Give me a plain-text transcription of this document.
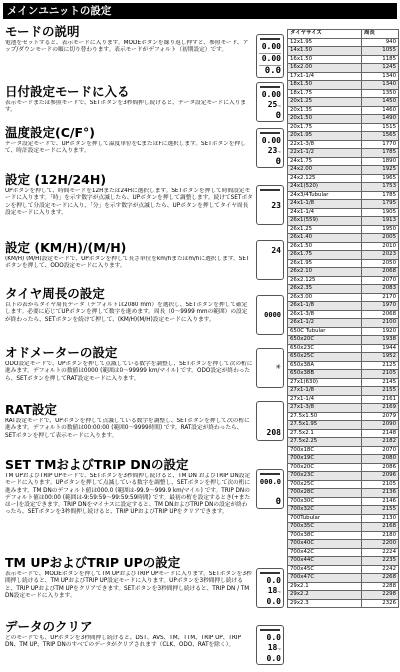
メインユニットの設定
モードの説明

電池をセットすると、表示モードに入ります。MODEボタンを繰り返し押すと、参照モード、アップ/ダウンモードの順に切り替わります。表示モードがデフォルト（初期設定）です。

日付設定モードに入る

表示モードまたは参照モードで、SETボタンを3秒間押し続けると、データ設定モードに入ります。

温度設定(C/F°)

データ設定モードで、UPボタンを押して温度単位をCまたはFに選択します。SETボタンを押して、時計設定モードに入ります。

設定 (12H/24H)

UPボタンを押して、時間モードを12Hまたは24Hに選択します。SETボタンを押して時間設定モードに入ります。「時」を示す数字が点滅したら、UPボタンを押して調整します。続けてSETボタンを押して分設定モードに入り、「分」を示す数字が点滅したら、UPボタンを押してタイヤ周長設定モードに入ります。

設定 (KM/H)/(M/H)

(KM/H) (M/H)設定モードで、UPボタンを押して長さ単位をkm/hまたはm/hに選択します。SETボタンを押して、ODO設定モードに入ります。

タイヤ周長の設定

以下の表からタイヤ周長データ（デフォルトは2080 mm）を選択し、SETボタンを押して確定します。必要に応じてUPボタンを押して数字を進めます。周長（0〜9999 mmの範囲）の設定が終わったら、SETボタンを続けて押して、(KM/H)(M/H)設定モードに入ります。

オドメーターの設定

ODO設定モードで、UPボタンを押して点滅している数字を調整し、SETボタンを押して次の桁に進みます。デフォルトの数値は0000 (範囲は0〜99999 km/マイル) です。ODO設定が終わったら、SETボタンを押してRAT設定モードに入ります。

RAT設定

RAT設定モードで、UPボタンを押して点滅している数字を調整し、SETボタンを押して次の桁に進みます。デフォルトの数値は00:00:00 (範囲0〜9999時間) です。RAT設定が終わったら、SETボタンを押して表示モードに入ります。

SET TMおよびTRIP DNの設定

TM UPおよびTRIP UPモードで、SETボタンを3秒間押し続けると、TM DN およびTRIP DN設定モードに入ります。UPボタンを押して点滅している数字を調整し、SETボタンを押して次の桁に進みます。TM DNのデフォルト値は000.0 (範囲は-99.9〜999.9 km/マイル) です。TRIP DNのデフォルト値は00:00 (範囲は-9:59:59〜99:59:59時間) です。最初の桁を設定するとき(+またはー)を設定できます。TRIP DNをマイナスに設定すると、TM DNおよびTRIP DNの設定が終わったら、SETボタンを3秒間押し続けると、TRIP UPおよびTRIP UPをクリアできます。

TM UPおよびTRIP UPの設定

表示モードで、MODEボタンを押してTM UPおよびTRIP UPモードに入ります。SETボタンを3秒間押し続けると、TM UPおよびTRIP UP設定モードに入ります。UPボタンを3秒間押し続けると、TRIP UPおよびTM UPをクリアできます。SETボタンを3秒間押し続けると、TRIP DN / TM DN設定モードに入ります。

データのクリア

どのモードでも、UPボタンを3秒間押し続けると、DST、AVS、TM、TTM、TRIP UP、TRIP DN、TM UP、TRIP DNのすべてのデータがクリアされます（CLK、ODO、RATを除く）。

0.00
0.00
0.0
0.00
25°C
0
0.00
23°C
0
23
24
0000
✳
208
000.0
0
0.0
18°C
0.0
0.0
18°C
0.0
タイヤサイズ	周長
12x1.95	940
14x1.50	1055
16x1.50	1185
16x2.00	1245
17x1-1/4	1340
18x1.50	1340
18x1.75	1350
20x1.25	1450
20x1.35	1460
20x1.50	1490
20x1.75	1515
20x1.95	1565
22x1-3/8	1770
22x1-1/2	1785
24x1.75	1890
24x2.00	1925
24x2.125	1965
24x1(520)	1753
24x3/4Tubular	1785
24x1-1/8	1795
24x1-1/4	1905
26x1(559)	1913
26x1.25	1950
26x1.40	2005
26x1.50	2010
26x1.75	2023
26x1.95	2050
26x2.10	2068
26x2.125	2070
26x2.35	2083
26x3.00	2170
26x1-1/8	1970
26x1-3/8	2068
26x1-1/2	2100
650C Tubular	1920
650x20C	1938
650x23C	1944
650x25C	1952
650x38A	2125
650x38B	2105
27x1(630)	2145
27x1-1/8	2155
27x1-1/4	2161
27x1-3/8	2169
27.5x1.50	2079
27.5x1.95	2090
27.5x2.1	2148
27.5x2.25	2182
700x18C	2070
700x19C	2080
700x20C	2086
700x23C	2096
700x25C	2105
700x28C	2136
700x30C	2146
700x32C	2155
700Tubular	2130
700x35C	2168
700x38C	2180
700x40C	2200
700x42C	2224
700x44C	2235
700x45C	2242
700x47C	2268
29x2.1	2288
29x2.2	2298
29x2.3	2326
